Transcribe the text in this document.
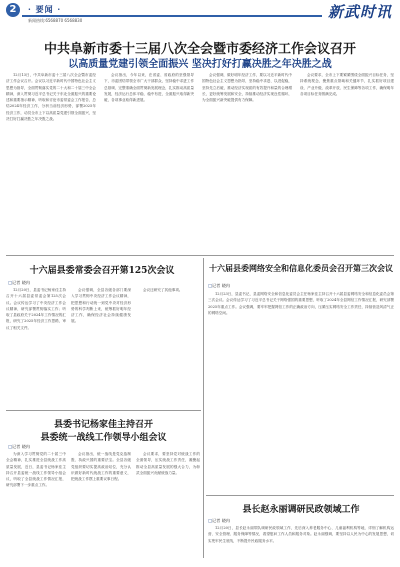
2	· 要闻 ·
新闻热线:6568870 6568830	新武时讯
中共阜新市委十三届八次全会暨市委经济工作会议召开
以高质量党建引领全面振兴 坚决打好打赢决胜之年决胜之战

12月13日，中共阜新市委十三届八次全会暨市委经济工作会议召开。会议以习近平新时代中国特色社会主义思想为指导，全面贯彻落实党的二十大和二十届三中全会精神，深入贯彻习近平总书记关于东北全面振兴的重要论述和重要指示精神，听取和讨论市委常委会工作报告，总结2024年经济工作，分析当前经济形势，部署2025年经济工作，动员全市上下以高质量党建引领全面振兴，坚决打好打赢决胜之年决胜之战。

会议指出，今年以来，在省委、省政府的坚强领导下，市委团结带领全市广大干部群众，坚持稳中求进工作总基调，完整准确全面贯彻新发展理念，扎实推动高质量发展，经济运行总体平稳、稳中有进，全面振兴取得新突破，各项事业取得新进展。

会议强调，做好明年经济工作，要以习近平新时代中国特色社会主义思想为指导，坚持稳中求进、以进促稳，坚持先立后破，推动经济实现质的有效提升和量的合理增长，更好统筹发展和安全，持续推动经济实现良性循环，为全面振兴新突破提供有力保障。

会议要求，全市上下要紧紧围绕全面振兴目标任务，坚持系统观念，聚焦重点领域和关键环节，扎实抓好项目建设、产业升级、改革开放、民生保障等各项工作，确保明年各项目标任务圆满完成。

十六届县委常委会召开第125次会议
□记者 晓冉

12月20日，县委书记杨家佳主持召开十六届县委常委会第125次会议。会议传达学习了中央经济工作会议精神，研究部署贯彻落实工作；听取了县政府关于2024年工作情况的汇报，研究了2025年经济工作思路，审议了相关文件。

会议强调，全县各级各部门要深入学习贯彻中央经济工作会议精神，把思想和行动统一到党中央对经济形势的科学判断上来，统筹抓好明年经济工作，确保经济社会持续健康发展。

会议还研究了其他事项。

十六届县委网络安全和信息化委员会召开第三次会议
□记者 晓冉

12月23日，县委书记、县委网络安全和信息化委员会主任杨家佳主持召开十六届县委网络安全和信息化委员会第三次会议。会议传达学习了习近平总书记关于网络强国的重要思想，听取了2024年全县网信工作情况汇报，研究部署2025年重点工作。会议强调，要牢牢把握网信工作的正确政治方向，压紧压实网络安全工作责任，持续营造风清气正的网络空间。

县委书记杨家佳主持召开
县委统一战线工作领导小组会议
□记者 晓冉

为深入学习贯彻党的二十届三中全会精神，扎实推进全县统战工作高质量发展，近日，县委书记杨家佳主持召开县委统一战线工作领导小组会议，听取了全县统战工作情况汇报，研究部署下一步重点工作。

会议指出，统一战线是党克敌制胜、执政兴国的重要法宝。全县各级党组织要切实提高政治站位，充分认识做好新时代统战工作的重要意义，把统战工作摆上重要议事日程。

会议要求，要坚持党对统战工作的全面领导，压实统战工作责任，凝聚起推动全县高质量发展的强大合力，为彰武全面振兴贡献统战力量。

县长赵永丽调研民政领域工作
□记者 晓冉

12月20日，县长赵永丽带队调研民政领域工作，先后深入养老服务中心、儿童福利机构等地，详细了解机构运营、安全管理、服务保障等情况，看望慰问工作人员和服务对象。赵永丽强调，要坚持以人民为中心的发展思想，切实兜牢民生底线，不断提升民政服务水平。
